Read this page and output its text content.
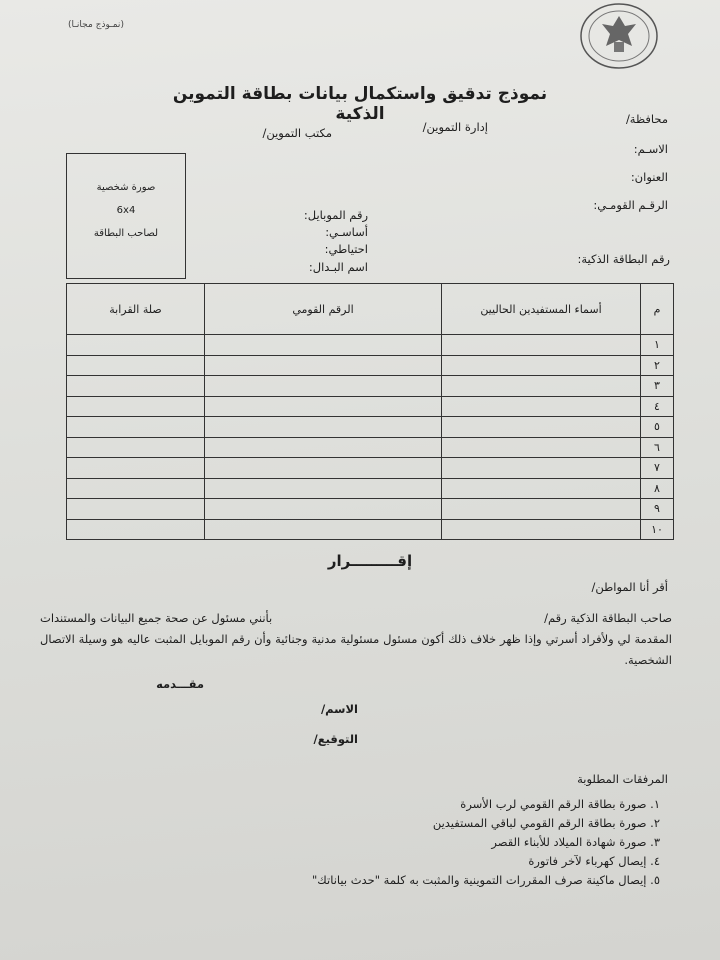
(نمـوذج مجانـا)
نموذج تدقيق واستكمال بيانات بطاقة التموين الذكية	محافظة/
إدارة التموين/
مكتب التموين/
الاسـم:
العنوان:
الرقـم القومـي:
رقم الموبايل:
أساسـي:
احتياطي:
اسم البـدال:
رقم البطاقة الذكية:
صورة شخصية
6x4
لصاحب البطاقة
م	أسماء المستفيدين الحاليين	الرقم القومي	صلة القرابة
١			
٢			
٣			
٤			
٥			
٦			
٧			
٨			
٩			
١٠			
إقـــــــــرار
أقر أنا المواطن/
صاحب البطاقة الذكية رقم/
بأنني مسئول عن صحة جميع البيانات والمستندات
المقدمة لي ولأفراد أسرتي وإذا ظهر خلاف ذلك أكون مسئول مسئولية مدنية وجنائية وأن رقم الموبايل المثبت عاليه هو وسيلة الاتصال الشخصية.
مقـــدمه
الاسم/
التوقيع/
المرفقات المطلوبة
١. صورة بطاقة الرقم القومي لرب الأسرة
٢. صورة بطاقة الرقم القومي لباقي المستفيدين
٣. صورة شهادة الميلاد للأبناء القصر
٤. إيصال كهرباء لآخر فاتورة
٥. إيصال ماكينة صرف المقررات التموينية والمثبت به كلمة "حدث بياناتك"
